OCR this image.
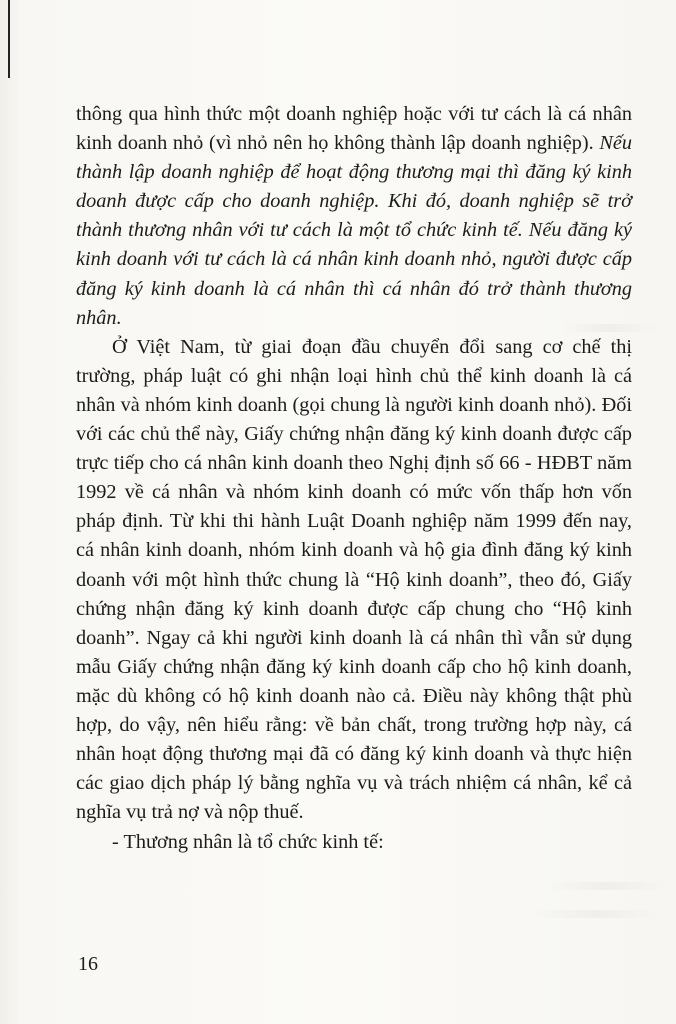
thông qua hình thức một doanh nghiệp hoặc với tư cách là cá nhân kinh doanh nhỏ (vì nhỏ nên họ không thành lập doanh nghiệp). Nếu thành lập doanh nghiệp để hoạt động thương mại thì đăng ký kinh doanh được cấp cho doanh nghiệp. Khi đó, doanh nghiệp sẽ trở thành thương nhân với tư cách là một tổ chức kinh tế. Nếu đăng ký kinh doanh với tư cách là cá nhân kinh doanh nhỏ, người được cấp đăng ký kinh doanh là cá nhân thì cá nhân đó trở thành thương nhân.

Ở Việt Nam, từ giai đoạn đầu chuyển đổi sang cơ chế thị trường, pháp luật có ghi nhận loại hình chủ thể kinh doanh là cá nhân và nhóm kinh doanh (gọi chung là người kinh doanh nhỏ). Đối với các chủ thể này, Giấy chứng nhận đăng ký kinh doanh được cấp trực tiếp cho cá nhân kinh doanh theo Nghị định số 66 - HĐBT năm 1992 về cá nhân và nhóm kinh doanh có mức vốn thấp hơn vốn pháp định. Từ khi thi hành Luật Doanh nghiệp năm 1999 đến nay, cá nhân kinh doanh, nhóm kinh doanh và hộ gia đình đăng ký kinh doanh với một hình thức chung là “Hộ kinh doanh”, theo đó, Giấy chứng nhận đăng ký kinh doanh được cấp chung cho “Hộ kinh doanh”. Ngay cả khi người kinh doanh là cá nhân thì vẫn sử dụng mẫu Giấy chứng nhận đăng ký kinh doanh cấp cho hộ kinh doanh, mặc dù không có hộ kinh doanh nào cả. Điều này không thật phù hợp, do vậy, nên hiểu rằng: về bản chất, trong trường hợp này, cá nhân hoạt động thương mại đã có đăng ký kinh doanh và thực hiện các giao dịch pháp lý bằng nghĩa vụ và trách nhiệm cá nhân, kể cả nghĩa vụ trả nợ và nộp thuế.

- Thương nhân là tổ chức kinh tế:

16
